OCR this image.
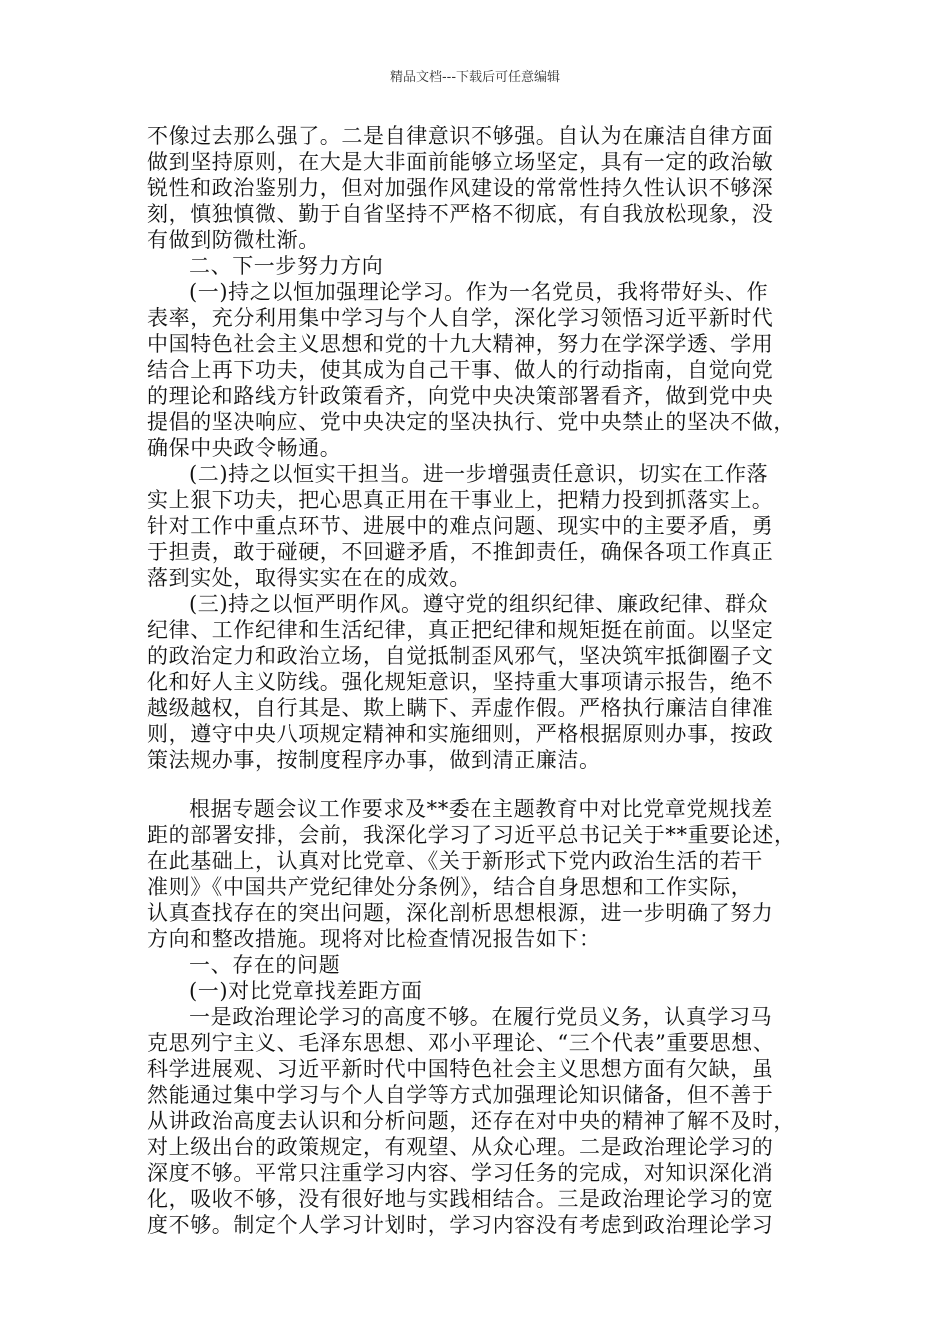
精品文档---下载后可任意编辑
不像过去那么强了。二是自律意识不够强。自认为在廉洁自律方面
做到坚持原则，在大是大非面前能够立场坚定，具有一定的政治敏
锐性和政治鉴别力，但对加强作风建设的常常性持久性认识不够深
刻，慎独慎微、勤于自省坚持不严格不彻底，有自我放松现象，没
有做到防微杜渐。
二、下一步努力方向
(一)持之以恒加强理论学习。作为一名党员，我将带好头、作
表率，充分利用集中学习与个人自学，深化学习领悟习近平新时代
中国特色社会主义思想和党的十九大精神，努力在学深学透、学用
结合上再下功夫，使其成为自己干事、做人的行动指南，自觉向党
的理论和路线方针政策看齐，向党中央决策部署看齐，做到党中央
提倡的坚决响应、党中央决定的坚决执行、党中央禁止的坚决不做，
确保中央政令畅通。
(二)持之以恒实干担当。进一步增强责任意识，切实在工作落
实上狠下功夫，把心思真正用在干事业上，把精力投到抓落实上。
针对工作中重点环节、进展中的难点问题、现实中的主要矛盾，勇
于担责，敢于碰硬，不回避矛盾，不推卸责任，确保各项工作真正
落到实处，取得实实在在的成效。
(三)持之以恒严明作风。遵守党的组织纪律、廉政纪律、群众
纪律、工作纪律和生活纪律，真正把纪律和规矩挺在前面。以坚定
的政治定力和政治立场，自觉抵制歪风邪气，坚决筑牢抵御圈子文
化和好人主义防线。强化规矩意识，坚持重大事项请示报告，绝不
越级越权，自行其是、欺上瞒下、弄虚作假。严格执行廉洁自律准
则，遵守中央八项规定精神和实施细则，严格根据原则办事，按政
策法规办事，按制度程序办事，做到清正廉洁。
根据专题会议工作要求及**委在主题教育中对比党章党规找差
距的部署安排，会前，我深化学习了习近平总书记关于**重要论述，
在此基础上，认真对比党章、《关于新形式下党内政治生活的若干
准则》《中国共产党纪律处分条例》，结合自身思想和工作实际，
认真查找存在的突出问题，深化剖析思想根源，进一步明确了努力
方向和整改措施。现将对比检查情况报告如下：
一、存在的问题
(一)对比党章找差距方面
一是政治理论学习的高度不够。在履行党员义务，认真学习马
克思列宁主义、毛泽东思想、邓小平理论、“三个代表”重要思想、
科学进展观、习近平新时代中国特色社会主义思想方面有欠缺，虽
然能通过集中学习与个人自学等方式加强理论知识储备，但不善于
从讲政治高度去认识和分析问题，还存在对中央的精神了解不及时，
对上级出台的政策规定，有观望、从众心理。二是政治理论学习的
深度不够。平常只注重学习内容、学习任务的完成，对知识深化消
化，吸收不够，没有很好地与实践相结合。三是政治理论学习的宽
度不够。制定个人学习计划时，学习内容没有考虑到政治理论学习
